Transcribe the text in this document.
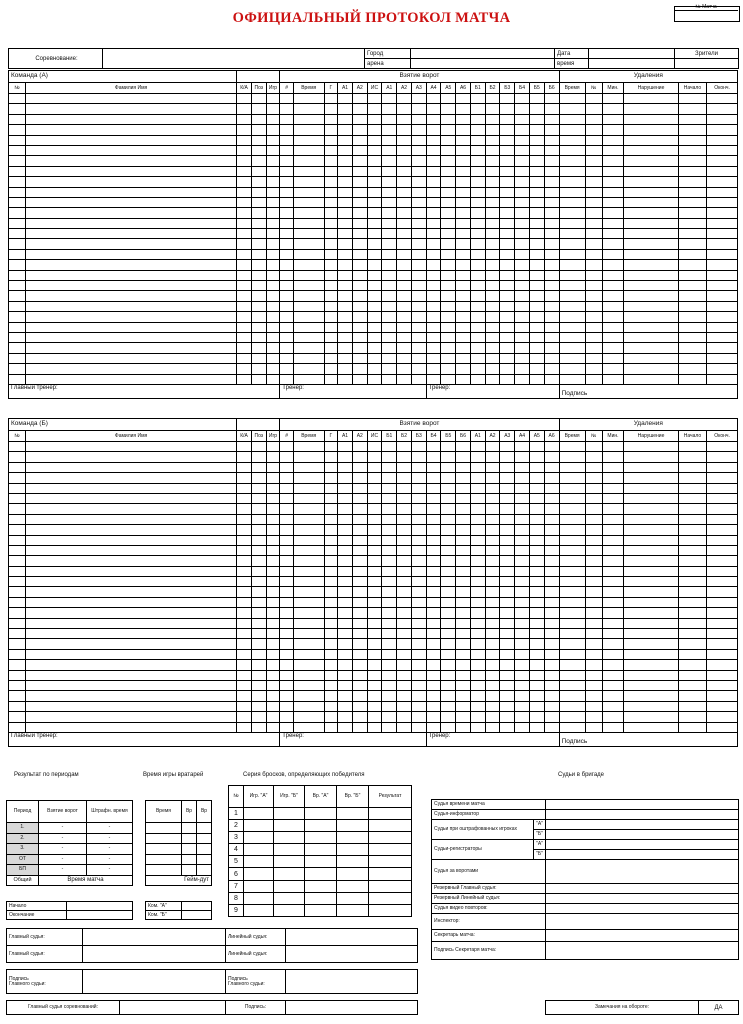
ОФИЦИАЛЬНЫЙ ПРОТОКОЛ МАТЧА
№ Матча
Соревнование:		Город		Дата		Зрители
		арена		время		
Команда (А)					Взятие ворот																		Удаления					
№	Фамилия Имя	К/А	Поз	Игр	#	Время	Г	А1	А2	ИС	А1	А2	А3	А4	А5	А6	Б1	Б2	Б3	Б4	Б5	Б6	Время	№	Мин.	Нарушение	Начало	Оконч.

Главный тренер:					Тренер:									Тренер:									Подпись					
Команда (Б)					Взятие ворот																		Удаления					
№	Фамилия Имя	К/А	Поз	Игр	#	Время	Г	А1	А2	ИС	Б1	Б2	Б3	Б4	Б5	Б6	А1	А2	А3	А4	А5	А6	Время	№	Мин.	Нарушение	Начало	Оконч.

Главный тренер:					Тренер:									Тренер:									Подпись					
Результат по периодам	Время игры вратарей	Серия бросков, определяющих победителя	Судьи в бригаде
Период	Взятие ворот	Штрафн. время
1.	-	-
2.	-	-
3.	-	-
ОТ	-	-
БП	-	-
Общий	Время матча	
Начало	
Окончание	
Время	Вр	Вр

Гейм-дут		
Ком. "А"	
Ком. "Б"	
№	Игр. "А"	Игр. "Б"	Вр. "А"	Вр. "Б"	Результат
1					
2					
3					
4					
5					
6					
7					
8					
9					
Главный судья:		Линейный судья:	
Главный судья:		Линейный судья:	
Подпись
Главного судьи:		Подпись
Главного судьи:	
Главный судья соревнований:		Подпись:	
Судья времени матча		
Судья-информатор		
Судьи при оштрафованных игроках	"А"	
	"Б"	
Судьи-регистраторы	"А"	
	"Б"	
Судья за воротами		
Резервный Главный судья:		
Резервный Линейный судья:		
Судья видео повторов:		
Инспектор:		
Секретарь матча:		
Подпись Секретаря матча:		
Замечания на обороте:	ДА
